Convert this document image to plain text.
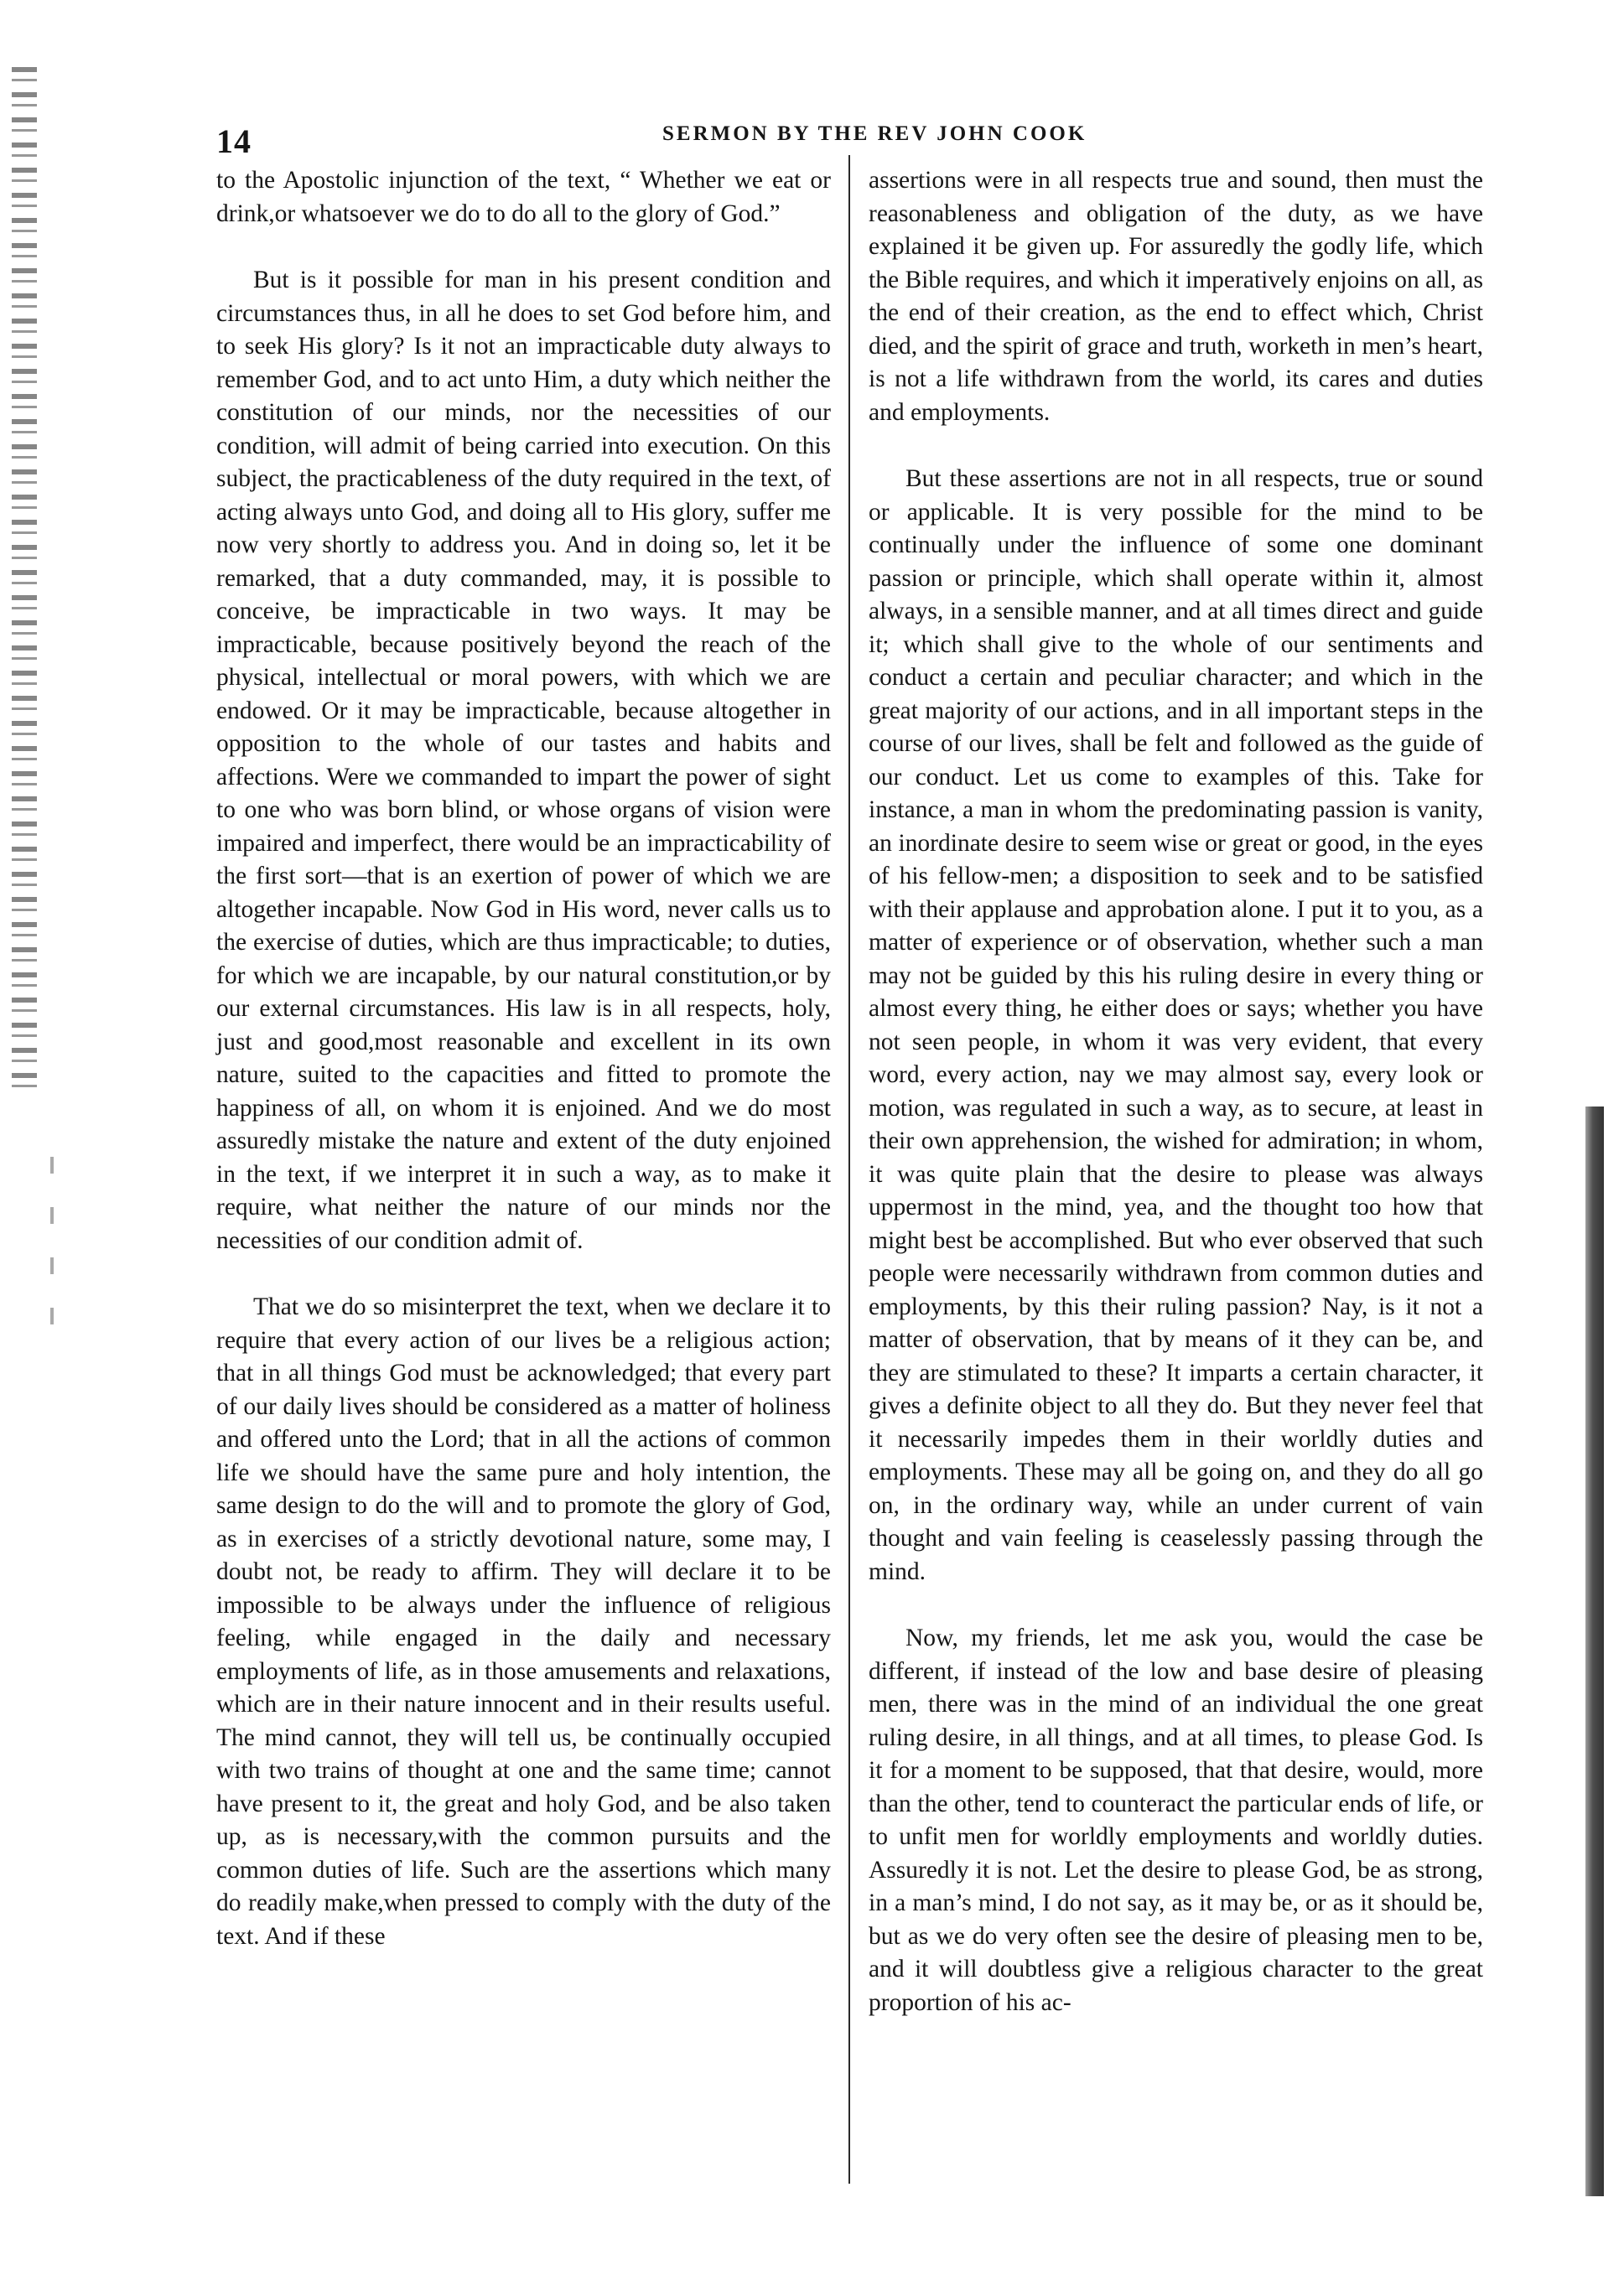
14	SERMON BY THE REV JOHN COOK

to the Apostolic injunction of the text, “ Whether we eat or drink,or whatsoever we do to do all to the glory of God.”

But is it possible for man in his present condition and circumstances thus, in all he does to set God before him, and to seek His glory? Is it not an impracticable duty always to remember God, and to act unto Him, a duty which neither the constitution of our minds, nor the necessities of our condition, will admit of being carried into execution. On this subject, the practicableness of the duty required in the text, of acting always unto God, and doing all to His glory, suffer me now very shortly to address you. And in doing so, let it be remarked, that a duty commanded, may, it is possible to conceive, be impracticable in two ways. It may be impracticable, because positively beyond the reach of the physical, intellectual or moral powers, with which we are endowed. Or it may be impracticable, because altogether in opposition to the whole of our tastes and habits and affections. Were we commanded to impart the power of sight to one who was born blind, or whose organs of vision were impaired and imperfect, there would be an impracticability of the first sort—that is an exertion of power of which we are altogether incapable. Now God in His word, never calls us to the exercise of duties, which are thus impracticable; to duties, for which we are incapable, by our natural constitution,or by our external circumstances. His law is in all respects, holy, just and good,most reasonable and excellent in its own nature, suited to the capacities and fitted to promote the happiness of all, on whom it is enjoined. And we do most assuredly mistake the nature and extent of the duty enjoined in the text, if we interpret it in such a way, as to make it require, what neither the nature of our minds nor the necessities of our condition admit of.

That we do so misinterpret the text, when we declare it to require that every action of our lives be a religious action; that in all things God must be acknowledged; that every part of our daily lives should be considered as a matter of holiness and offered unto the Lord; that in all the actions of common life we should have the same pure and holy intention, the same design to do the will and to promote the glory of God, as in exercises of a strictly devotional nature, some may, I doubt not, be ready to affirm. They will declare it to be impossible to be always under the influence of religious feeling, while engaged in the daily and necessary employments of life, as in those amusements and relaxations, which are in their nature innocent and in their results useful. The mind cannot, they will tell us, be continually occupied with two trains of thought at one and the same time; cannot have present to it, the great and holy God, and be also taken up, as is necessary,with the common pursuits and the common duties of life. Such are the assertions which many do readily make,when pressed to comply with the duty of the text. And if these

assertions were in all respects true and sound, then must the reasonableness and obligation of the duty, as we have explained it be given up. For assuredly the godly life, which the Bible requires, and which it imperatively enjoins on all, as the end of their creation, as the end to effect which, Christ died, and the spirit of grace and truth, worketh in men’s heart, is not a life withdrawn from the world, its cares and duties and employments.

But these assertions are not in all respects, true or sound or applicable. It is very possible for the mind to be continually under the influence of some one dominant passion or principle, which shall operate within it, almost always, in a sensible manner, and at all times direct and guide it; which shall give to the whole of our sentiments and conduct a certain and peculiar character; and which in the great majority of our actions, and in all important steps in the course of our lives, shall be felt and followed as the guide of our conduct. Let us come to examples of this. Take for instance, a man in whom the predominating passion is vanity, an inordinate desire to seem wise or great or good, in the eyes of his fellow-men; a disposition to seek and to be satisfied with their applause and approbation alone. I put it to you, as a matter of experience or of observation, whether such a man may not be guided by this his ruling desire in every thing or almost every thing, he either does or says; whether you have not seen people, in whom it was very evident, that every word, every action, nay we may almost say, every look or motion, was regulated in such a way, as to secure, at least in their own apprehension, the wished for admiration; in whom, it was quite plain that the desire to please was always uppermost in the mind, yea, and the thought too how that might best be accomplished. But who ever observed that such people were necessarily withdrawn from common duties and employments, by this their ruling passion? Nay, is it not a matter of observation, that by means of it they can be, and they are stimulated to these? It imparts a certain character, it gives a definite object to all they do. But they never feel that it necessarily impedes them in their worldly duties and employments. These may all be going on, and they do all go on, in the ordinary way, while an under current of vain thought and vain feeling is ceaselessly passing through the mind.

Now, my friends, let me ask you, would the case be different, if instead of the low and base desire of pleasing men, there was in the mind of an individual the one great ruling desire, in all things, and at all times, to please God. Is it for a moment to be supposed, that that desire, would, more than the other, tend to counteract the particular ends of life, or to unfit men for worldly employments and worldly duties. Assuredly it is not. Let the desire to please God, be as strong, in a man’s mind, I do not say, as it may be, or as it should be, but as we do very often see the desire of pleasing men to be, and it will doubtless give a religious character to the great proportion of his ac-
